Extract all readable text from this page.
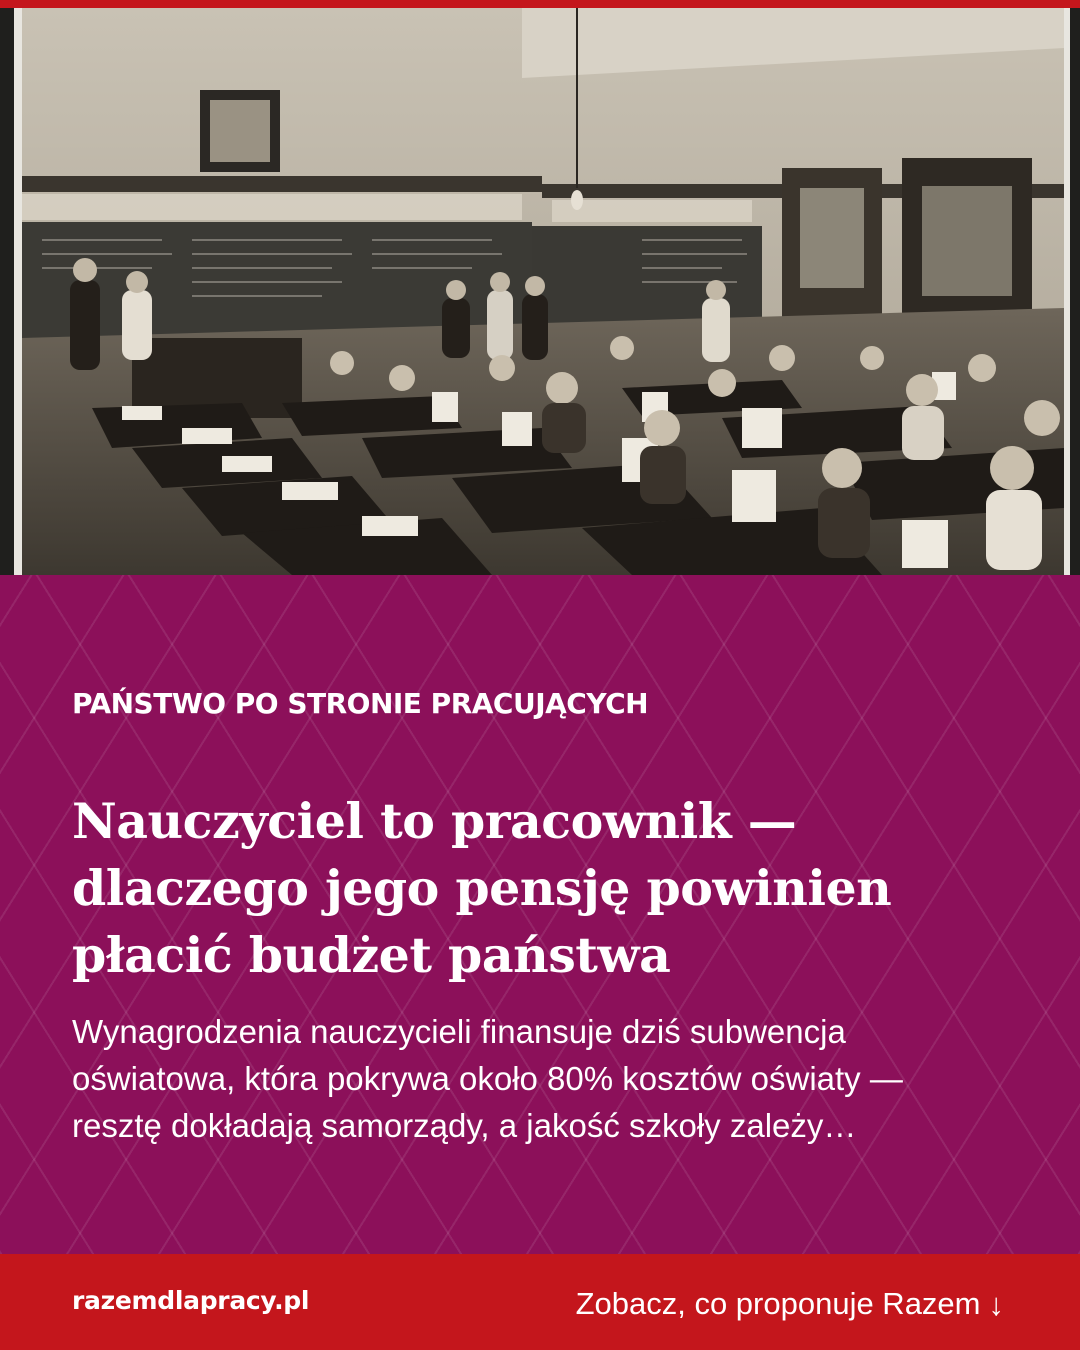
PAŃSTWO PO STRONIE PRACUJĄCYCH

Nauczyciel to pracownik —
dlaczego jego pensję powinien
płacić budżet państwa

Wynagrodzenia nauczycieli finansuje dziś subwencja
oświatowa, która pokrywa około 80% kosztów oświaty —
resztę dokładają samorządy, a jakość szkoły zależy…

razemdlapracy.pl	Zobacz, co proponuje Razem ↓
